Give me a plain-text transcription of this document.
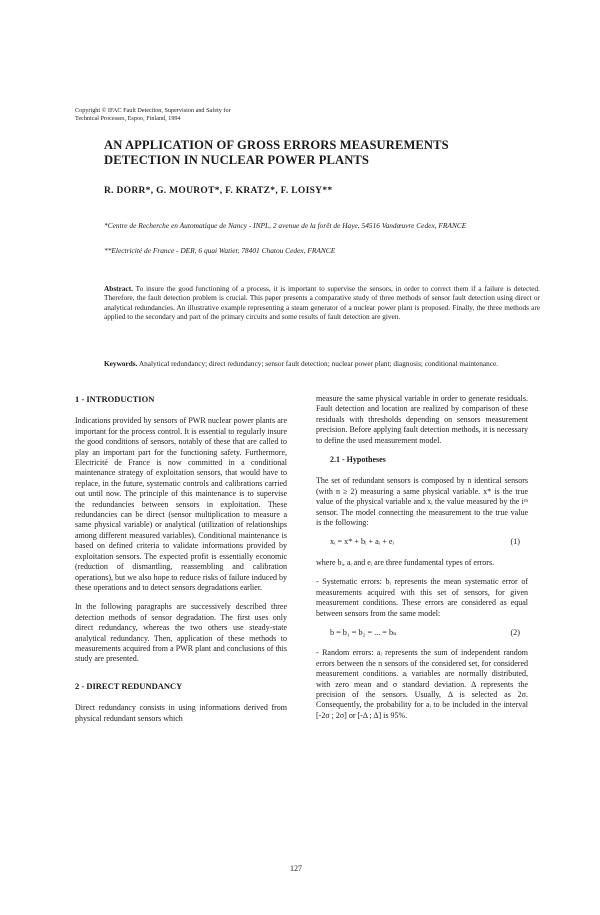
Copyright © IFAC Fault Detection, Supervision and Safety for
Technical Processes, Espoo, Finland, 1994
AN APPLICATION OF GROSS ERRORS MEASUREMENTS
DETECTION IN NUCLEAR POWER PLANTS
R. DORR*, G. MOUROT*, F. KRATZ*, F. LOISY**
*Centre de Recherche en Automatique de Nancy - INPL, 2 avenue de la forêt de Haye, 54516 Vandœuvre Cedex, FRANCE
**Electricité de France - DER, 6 quai Watier, 78401 Chatou Cedex, FRANCE
Abstract. To insure the good functioning of a process, it is important to supervise the sensors, in order to correct them if a failure is detected. Therefore, the fault detection problem is crucial. This paper presents a comparative study of three methods of sensor fault detection using direct or analytical redundancies. An illustrative example representing a steam generator of a nuclear power plant is proposed. Finally, the three methods are applied to the secondary and part of the primary circuits and some results of fault detection are given.
Keywords. Analytical redundancy; direct redundancy; sensor fault detection; nuclear power plant; diagnosis; conditional maintenance.
1 - INTRODUCTION

Indications provided by sensors of PWR nuclear power plants are important for the process control. It is essential to regularly insure the good conditions of sensors, notably of these that are called to play an important part for the functioning safety. Furthermore, Electricité de France is now committed in a conditional maintenance strategy of exploitation sensors, that would have to replace, in the future, systematic controls and calibrations carried out until now. The principle of this maintenance is to supervise the redundancies between sensors in exploitation. These redundancies can be direct (sensor multiplication to measure a same physical variable) or analytical (utilization of relationships among different measured variables). Conditional maintenance is based on defined criteria to validate informations provided by exploitation sensors. The expected profit is essentially economic (reduction of dismantling, reassembling and calibration operations), but we also hope to reduce risks of failure induced by these operations and to detect sensors degradations earlier.

In the following paragraphs are successively described three detection methods of sensor degradation. The first uses only direct redundancy, whereas the two others use steady-state analytical redundancy. Then, application of these methods to measurements acquired from a PWR plant and conclusions of this study are presented.

2 - DIRECT REDUNDANCY

Direct redundancy consists in using informations derived from physical redundant sensors which

measure the same physical variable in order to generate residuals. Fault detection and location are realized by comparison of these residuals with thresholds depending on sensors measurement precision. Before applying fault detection methods, it is necessary to define the used measurement model.

2.1 - Hypotheses

The set of redundant sensors is composed by n identical sensors (with n ≥ 2) measuring a same physical variable. x* is the true value of the physical variable and xᵢ the value measured by the iᵗʰ sensor. The model connecting the measurement to the true value is the following:

xᵢ = x* + bᵢ + aᵢ + eᵢ	(1)

where bᵢ, aᵢ and eᵢ are three fundamental types of errors.

- Systematic errors: bᵢ represents the mean systematic error of measurements acquired with this set of sensors, for given measurement conditions. These errors are considered as equal between sensors from the same model:

b = b₁ = b₂ = ... = bₙ	(2)

- Random errors: aᵢ represents the sum of independent random errors between the n sensors of the considered set, for considered measurement conditions. aᵢ variables are normally distributed, with zero mean and σ standard deviation. Δ represents the precision of the sensors. Usually, Δ is selected as 2σ. Consequently, the probability for aᵢ to be included in the interval [-2σ ; 2σ] or [-Δ ; Δ] is 95%.

127
